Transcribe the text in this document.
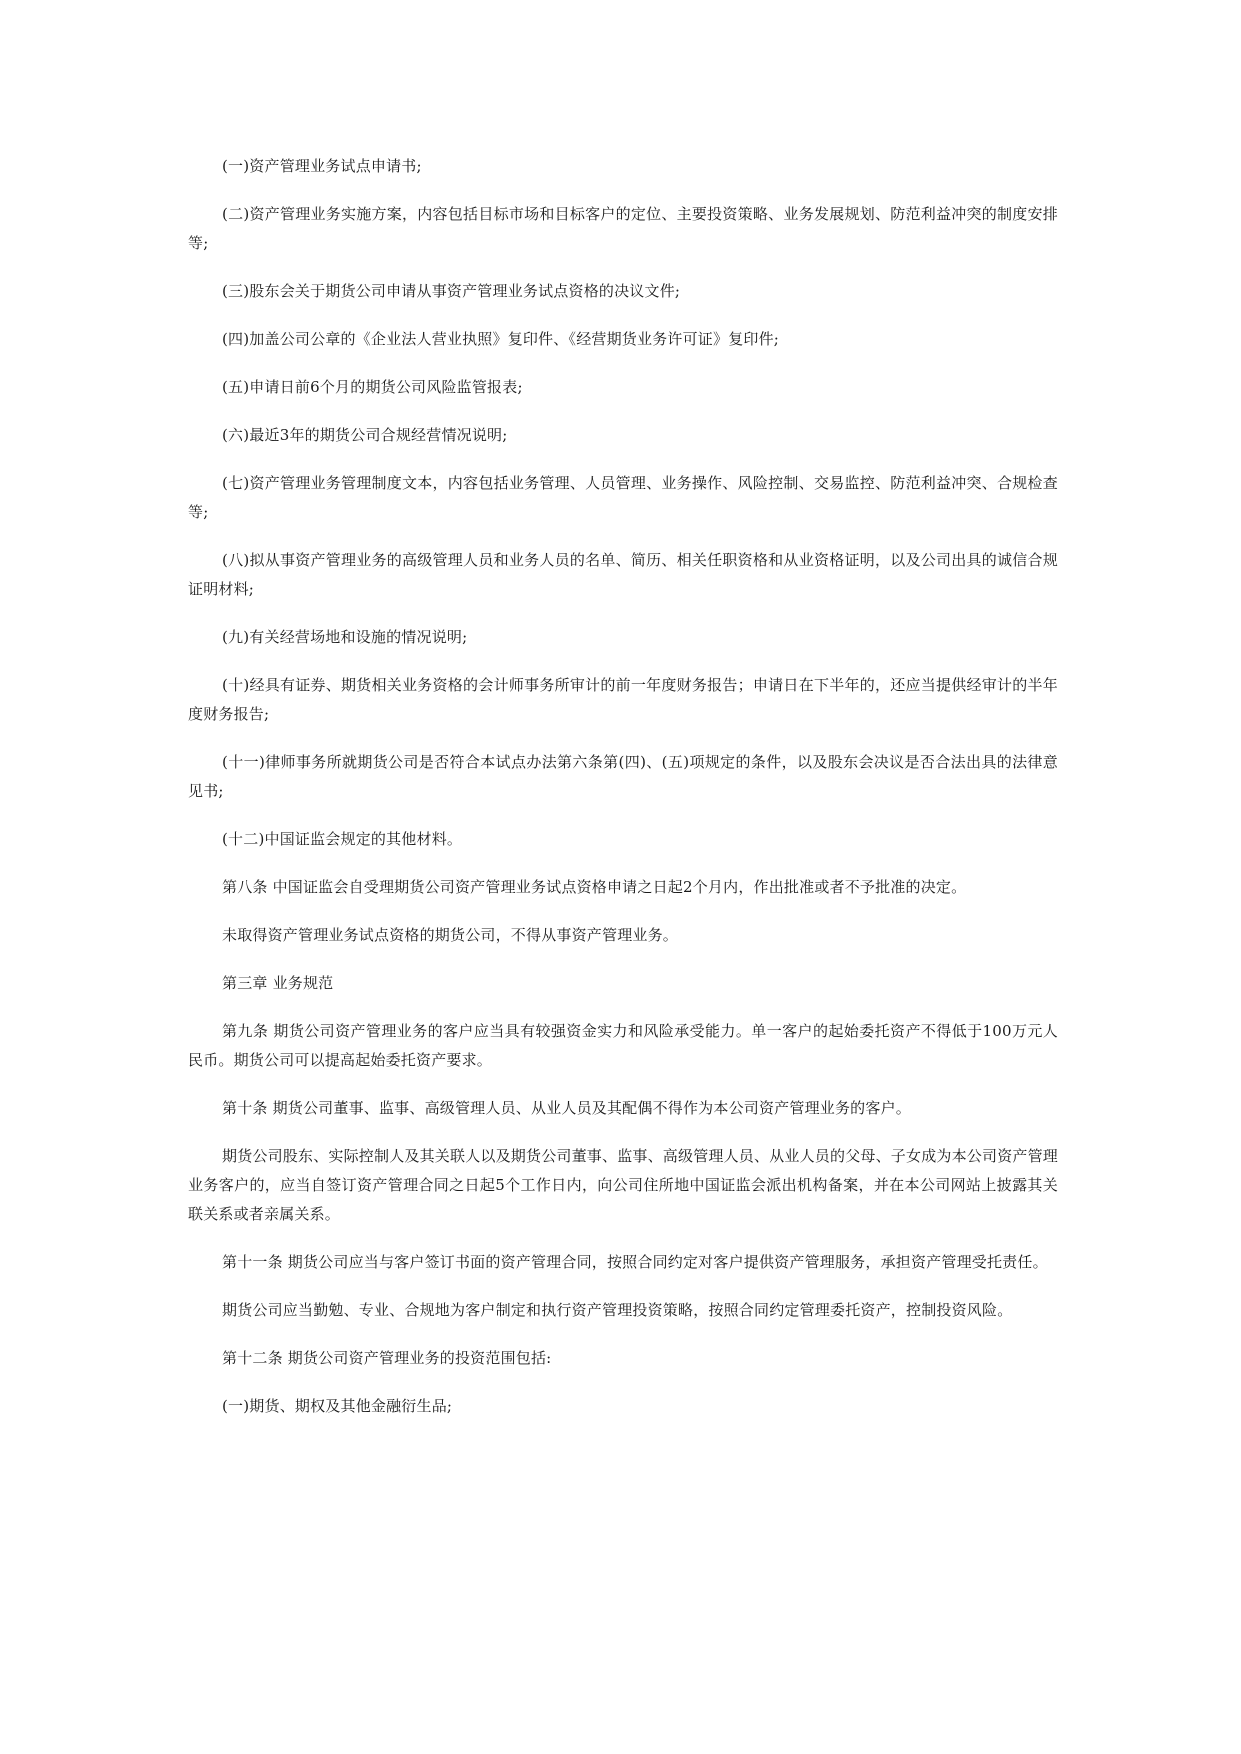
(一)资产管理业务试点申请书;

(二)资产管理业务实施方案，内容包括目标市场和目标客户的定位、主要投资策略、业务发展规划、防范利益冲突的制度安排等;

(三)股东会关于期货公司申请从事资产管理业务试点资格的决议文件;

(四)加盖公司公章的《企业法人营业执照》复印件、《经营期货业务许可证》复印件;

(五)申请日前6个月的期货公司风险监管报表;

(六)最近3年的期货公司合规经营情况说明;

(七)资产管理业务管理制度文本，内容包括业务管理、人员管理、业务操作、风险控制、交易监控、防范利益冲突、合规检查等;

(八)拟从事资产管理业务的高级管理人员和业务人员的名单、简历、相关任职资格和从业资格证明，以及公司出具的诚信合规证明材料;

(九)有关经营场地和设施的情况说明;

(十)经具有证券、期货相关业务资格的会计师事务所审计的前一年度财务报告；申请日在下半年的，还应当提供经审计的半年度财务报告;

(十一)律师事务所就期货公司是否符合本试点办法第六条第(四)、(五)项规定的条件，以及股东会决议是否合法出具的法律意见书;

(十二)中国证监会规定的其他材料。

第八条 中国证监会自受理期货公司资产管理业务试点资格申请之日起2个月内，作出批准或者不予批准的决定。

未取得资产管理业务试点资格的期货公司，不得从事资产管理业务。

第三章 业务规范

第九条 期货公司资产管理业务的客户应当具有较强资金实力和风险承受能力。单一客户的起始委托资产不得低于100万元人民币。期货公司可以提高起始委托资产要求。

第十条 期货公司董事、监事、高级管理人员、从业人员及其配偶不得作为本公司资产管理业务的客户。

期货公司股东、实际控制人及其关联人以及期货公司董事、监事、高级管理人员、从业人员的父母、子女成为本公司资产管理业务客户的，应当自签订资产管理合同之日起5个工作日内，向公司住所地中国证监会派出机构备案，并在本公司网站上披露其关联关系或者亲属关系。

第十一条 期货公司应当与客户签订书面的资产管理合同，按照合同约定对客户提供资产管理服务，承担资产管理受托责任。

期货公司应当勤勉、专业、合规地为客户制定和执行资产管理投资策略，按照合同约定管理委托资产，控制投资风险。

第十二条 期货公司资产管理业务的投资范围包括:

(一)期货、期权及其他金融衍生品;
